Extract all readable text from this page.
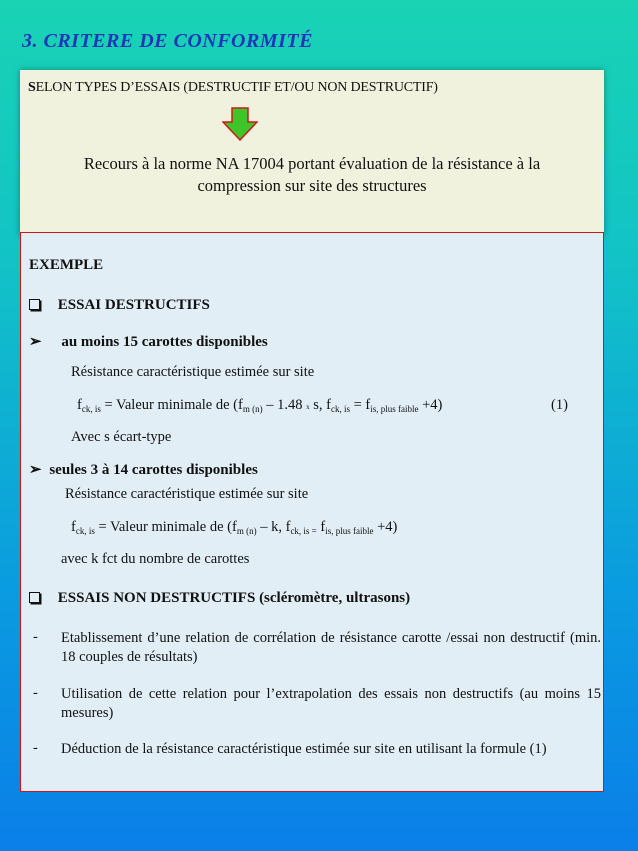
3. CRITERE DE CONFORMITÉ
SELON TYPES D’ESSAIS (DESTRUCTIF ET/OU NON DESTRUCTIF)
Recours à la norme NA 17004 portant évaluation de la résistance à la
compression sur site des structures
EXEMPLE
ESSAI DESTRUCTIFS
➢ au moins 15 carottes disponibles
Résistance caractéristique estimée sur site
$f_{ck, is}$ = Valeur minimale de ($f_{m (n)} - 1.48$ x s, $f_{ck, is} = f_{is, plus faible} +4$)	(1)
Avec s écart-type
➢ seules 3 à 14 carottes disponibles
Résistance caractéristique estimée sur site
$f_{ck, is}$ = Valeur minimale de ($f_{m (n)}$ – k, $f_{ck, is =}$ $f_{is, plus faible} +4$)
avec k fct du nombre de carottes
ESSAIS NON DESTRUCTIFS (scléromètre, ultrasons)
- Etablissement d’une relation de corrélation de résistance carotte /essai non destructif (min. 18 couples de résultats)
- Utilisation de cette relation pour l’extrapolation des essais non destructifs (au moins 15 mesures)
- Déduction de la résistance caractéristique estimée sur site en utilisant la formule (1)
